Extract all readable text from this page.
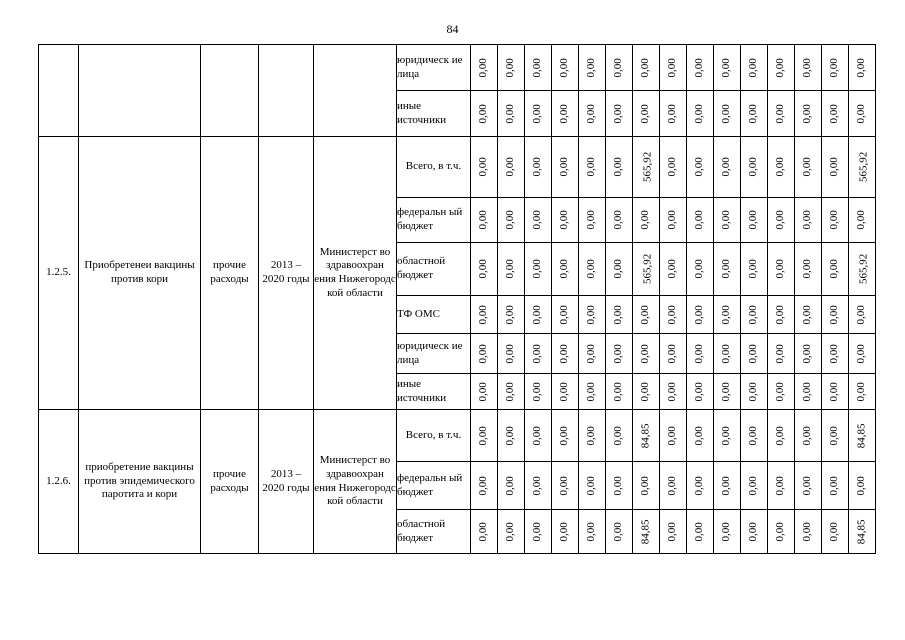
84
					юридическ ие лица	0,00	0,00	0,00	0,00	0,00	0,00	0,00	0,00	0,00	0,00	0,00	0,00	0,00	0,00	0,00
					иные источники	0,00	0,00	0,00	0,00	0,00	0,00	0,00	0,00	0,00	0,00	0,00	0,00	0,00	0,00	0,00
1.2.5.	Приобретенеи вакцины против кори	прочие расходы	2013 – 2020 годы	Министерст во здравоохран ения Нижегородс кой области	Всего, в т.ч.	0,00	0,00	0,00	0,00	0,00	0,00	565,92	0,00	0,00	0,00	0,00	0,00	0,00	0,00	565,92
					федеральн ый бюджет	0,00	0,00	0,00	0,00	0,00	0,00	0,00	0,00	0,00	0,00	0,00	0,00	0,00	0,00	0,00
					областной бюджет	0,00	0,00	0,00	0,00	0,00	0,00	565,92	0,00	0,00	0,00	0,00	0,00	0,00	0,00	565,92
					ТФ ОМС	0,00	0,00	0,00	0,00	0,00	0,00	0,00	0,00	0,00	0,00	0,00	0,00	0,00	0,00	0,00
					юридическ ие лица	0,00	0,00	0,00	0,00	0,00	0,00	0,00	0,00	0,00	0,00	0,00	0,00	0,00	0,00	0,00
					иные источники	0,00	0,00	0,00	0,00	0,00	0,00	0,00	0,00	0,00	0,00	0,00	0,00	0,00	0,00	0,00
1.2.6.	приобретение вакцины против эпидемического паротита и кори	прочие расходы	2013 – 2020 годы	Министерст во здравоохран ения Нижегородс кой области	Всего, в т.ч.	0,00	0,00	0,00	0,00	0,00	0,00	84,85	0,00	0,00	0,00	0,00	0,00	0,00	0,00	84,85
					федеральн ый бюджет	0,00	0,00	0,00	0,00	0,00	0,00	0,00	0,00	0,00	0,00	0,00	0,00	0,00	0,00	0,00
					областной бюджет	0,00	0,00	0,00	0,00	0,00	0,00	84,85	0,00	0,00	0,00	0,00	0,00	0,00	0,00	84,85
